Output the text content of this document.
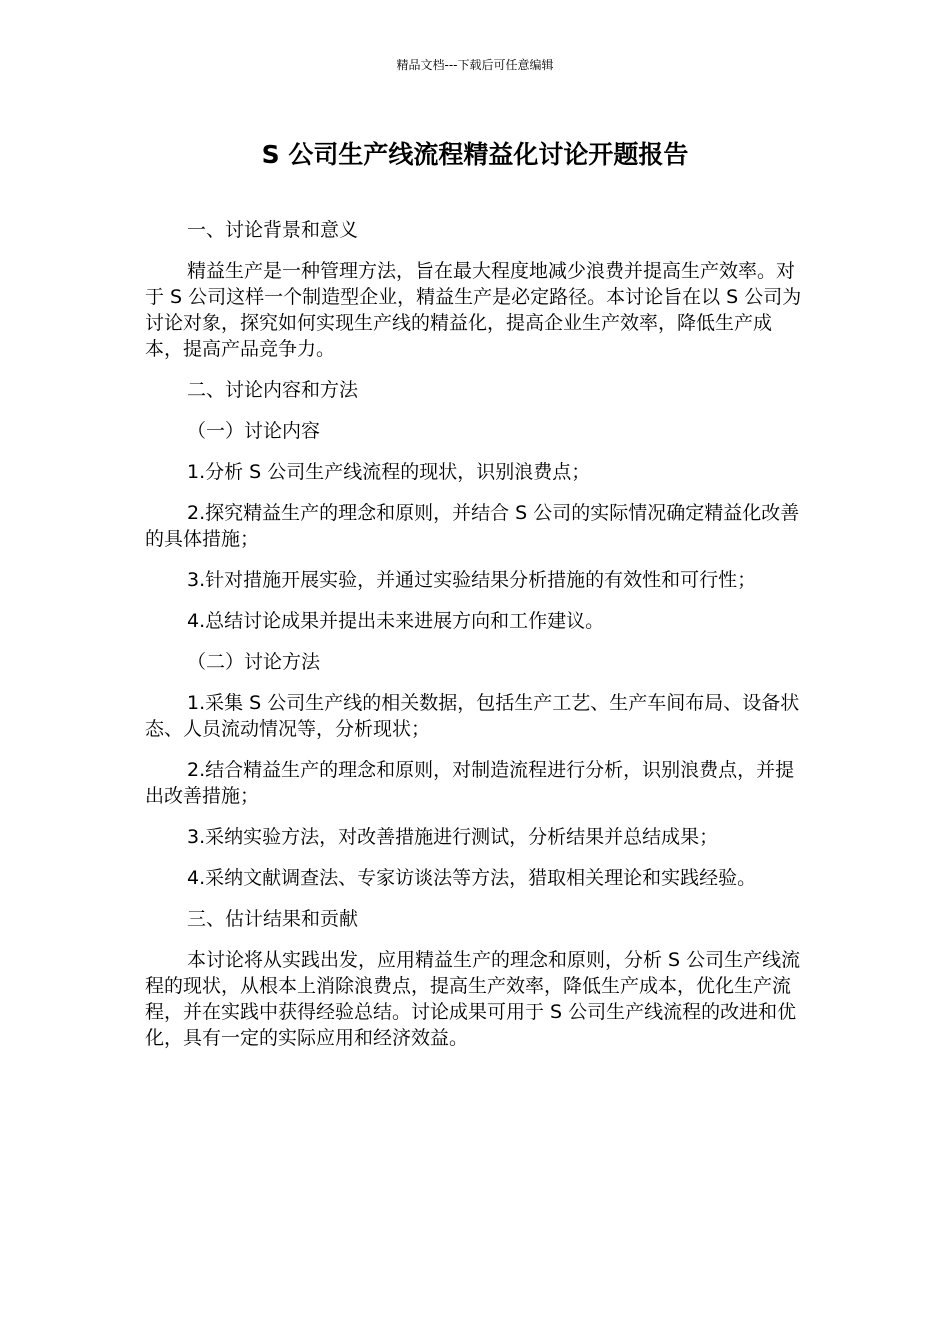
精品文档---下载后可任意编辑
S 公司生产线流程精益化讨论开题报告

一、讨论背景和意义

精益生产是一种管理方法，旨在最大程度地减少浪费并提高生产效率。对于 S 公司这样一个制造型企业，精益生产是必定路径。本讨论旨在以 S 公司为讨论对象，探究如何实现生产线的精益化，提高企业生产效率，降低生产成本，提高产品竞争力。

二、讨论内容和方法

（一）讨论内容

1.分析 S 公司生产线流程的现状，识别浪费点；

2.探究精益生产的理念和原则，并结合 S 公司的实际情况确定精益化改善的具体措施；

3.针对措施开展实验，并通过实验结果分析措施的有效性和可行性；

4.总结讨论成果并提出未来进展方向和工作建议。

（二）讨论方法

1.采集 S 公司生产线的相关数据，包括生产工艺、生产车间布局、设备状态、人员流动情况等，分析现状；

2.结合精益生产的理念和原则，对制造流程进行分析，识别浪费点，并提出改善措施；

3.采纳实验方法，对改善措施进行测试，分析结果并总结成果；

4.采纳文献调查法、专家访谈法等方法，猎取相关理论和实践经验。

三、估计结果和贡献

本讨论将从实践出发，应用精益生产的理念和原则，分析 S 公司生产线流程的现状，从根本上消除浪费点，提高生产效率，降低生产成本，优化生产流程，并在实践中获得经验总结。讨论成果可用于 S 公司生产线流程的改进和优化，具有一定的实际应用和经济效益。
